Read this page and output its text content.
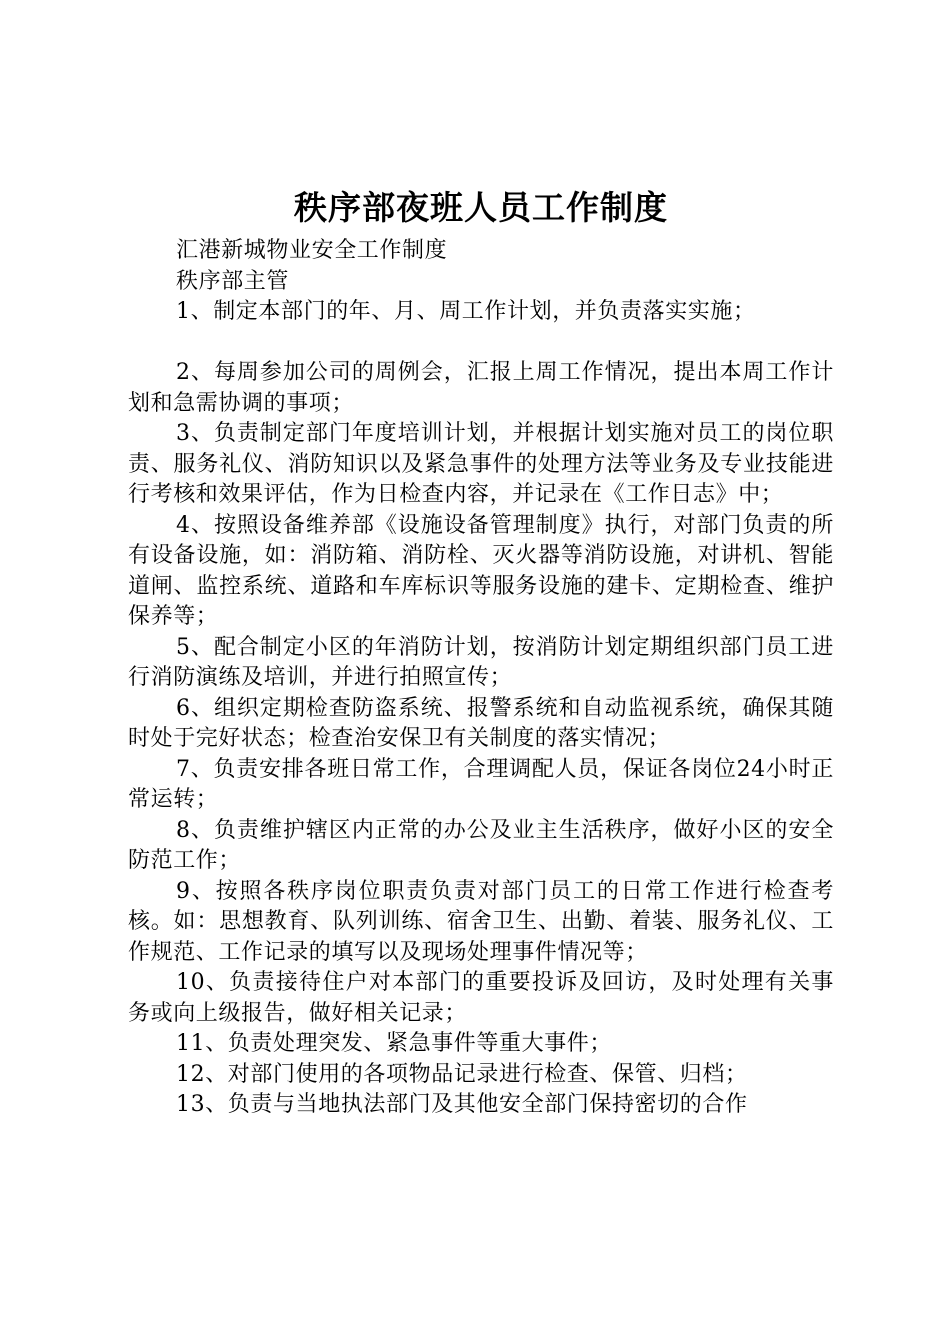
秩序部夜班人员工作制度

汇港新城物业安全工作制度

秩序部主管

1、制定本部门的年、月、周工作计划，并负责落实实施；

2、每周参加公司的周例会，汇报上周工作情况，提出本周工作计划和急需协调的事项；

3、负责制定部门年度培训计划，并根据计划实施对员工的岗位职责、服务礼仪、消防知识以及紧急事件的处理方法等业务及专业技能进行考核和效果评估，作为日检查内容，并记录在《工作日志》中；

4、按照设备维养部《设施设备管理制度》执行，对部门负责的所有设备设施，如：消防箱、消防栓、灭火器等消防设施，对讲机、智能道闸、监控系统、道路和车库标识等服务设施的建卡、定期检查、维护保养等；

5、配合制定小区的年消防计划，按消防计划定期组织部门员工进行消防演练及培训，并进行拍照宣传；

6、组织定期检查防盗系统、报警系统和自动监视系统，确保其随时处于完好状态；检查治安保卫有关制度的落实情况；

7、负责安排各班日常工作，合理调配人员，保证各岗位24小时正常运转；

8、负责维护辖区内正常的办公及业主生活秩序，做好小区的安全防范工作；

9、按照各秩序岗位职责负责对部门员工的日常工作进行检查考核。如：思想教育、队列训练、宿舍卫生、出勤、着装、服务礼仪、工作规范、工作记录的填写以及现场处理事件情况等；

10、负责接待住户对本部门的重要投诉及回访，及时处理有关事务或向上级报告，做好相关记录；

11、负责处理突发、紧急事件等重大事件；

12、对部门使用的各项物品记录进行检查、保管、归档；

13、负责与当地执法部门及其他安全部门保持密切的合作
